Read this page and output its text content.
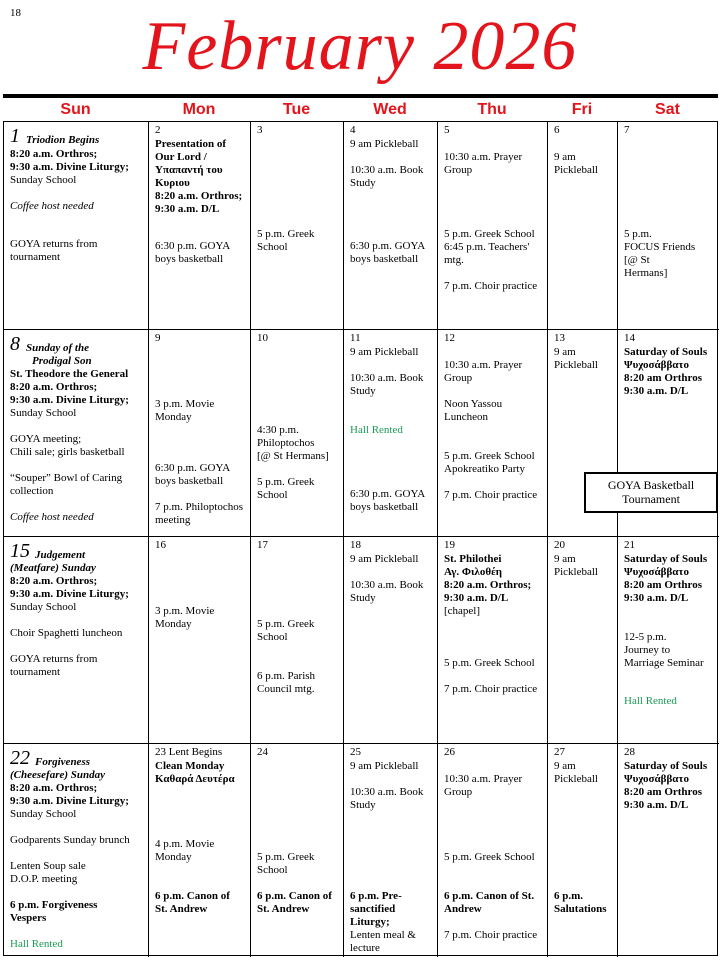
18	February 2026
Sun	Mon	Tue	Wed	Thu	Fri	Sat
1 Triodion Begins
8:20 a.m. Orthros;
9:30 a.m. Divine Liturgy;
Sunday School
Coffee host needed
GOYA returns from
tournament
2
Presentation of
Our Lord /
Υπαπαντή του
Κυριου
8:20 a.m. Orthros;
9:30 a.m. D/L
6:30 p.m. GOYA
boys basketball
3
5 p.m. Greek
School
4
9 am Pickleball
10:30 a.m. Book
Study
6:30 p.m. GOYA
boys basketball
5
10:30 a.m. Prayer
Group
5 p.m. Greek School
6:45 p.m. Teachers'
mtg.
7 p.m. Choir practice
6
9 am
Pickleball
7
5 p.m.
FOCUS Friends
[@ St
Hermans]
8 Sunday of the
Prodigal Son
St. Theodore the General
8:20 a.m. Orthros;
9:30 a.m. Divine Liturgy;
Sunday School
GOYA meeting;
Chili sale; girls basketball
“Souper” Bowl of Caring
collection
Coffee host needed
9
3 p.m. Movie
Monday
6:30 p.m. GOYA
boys basketball
7 p.m. Philoptochos
meeting
10
4:30 p.m.
Philoptochos
[@ St Hermans]
5 p.m. Greek
School
11
9 am Pickleball
10:30 a.m. Book
Study
Hall Rented
6:30 p.m. GOYA
boys basketball
12
10:30 a.m. Prayer
Group
Noon Yassou
Luncheon
5 p.m. Greek School
Apokreatiko Party
7 p.m. Choir practice
13
9 am
Pickleball
14
Saturday of Souls
Ψυχοσάββατο
8:20 am Orthros
9:30 a.m. D/L
15 Judgement
(Meatfare) Sunday
8:20 a.m. Orthros;
9:30 a.m. Divine Liturgy;
Sunday School
Choir Spaghetti luncheon
GOYA returns from
tournament
16
3 p.m. Movie
Monday
17
5 p.m. Greek
School
6 p.m. Parish
Council mtg.
18
9 am Pickleball
10:30 a.m. Book
Study
19
St. Philothei
Αγ. Φιλοθέη
8:20 a.m. Orthros;
9:30 a.m. D/L
[chapel]
5 p.m. Greek School
7 p.m. Choir practice
20
9 am
Pickleball
21
Saturday of Souls
Ψυχοσάββατο
8:20 am Orthros
9:30 a.m. D/L
12-5 p.m.
Journey to
Marriage Seminar
Hall Rented
22 Forgiveness
(Cheesefare) Sunday
8:20 a.m. Orthros;
9:30 a.m. Divine Liturgy;
Sunday School
Godparents Sunday brunch
Lenten Soup sale
D.O.P. meeting
6 p.m. Forgiveness
Vespers
Hall Rented
23 Lent Begins
Clean Monday
Καθαρά Δευτέρα
4 p.m. Movie
Monday
6 p.m. Canon of
St. Andrew
24
5 p.m. Greek
School
6 p.m. Canon of
St. Andrew
25
9 am Pickleball
10:30 a.m. Book
Study
6 p.m. Pre-
sanctified
Liturgy;
Lenten meal &
lecture
26
10:30 a.m. Prayer
Group
5 p.m. Greek School
6 p.m. Canon of St.
Andrew
7 p.m. Choir practice
27
9 am
Pickleball
6 p.m.
Salutations
28
Saturday of Souls
Ψυχοσάββατο
8:20 am Orthros
9:30 a.m. D/L
GOYA Basketball Tournament
